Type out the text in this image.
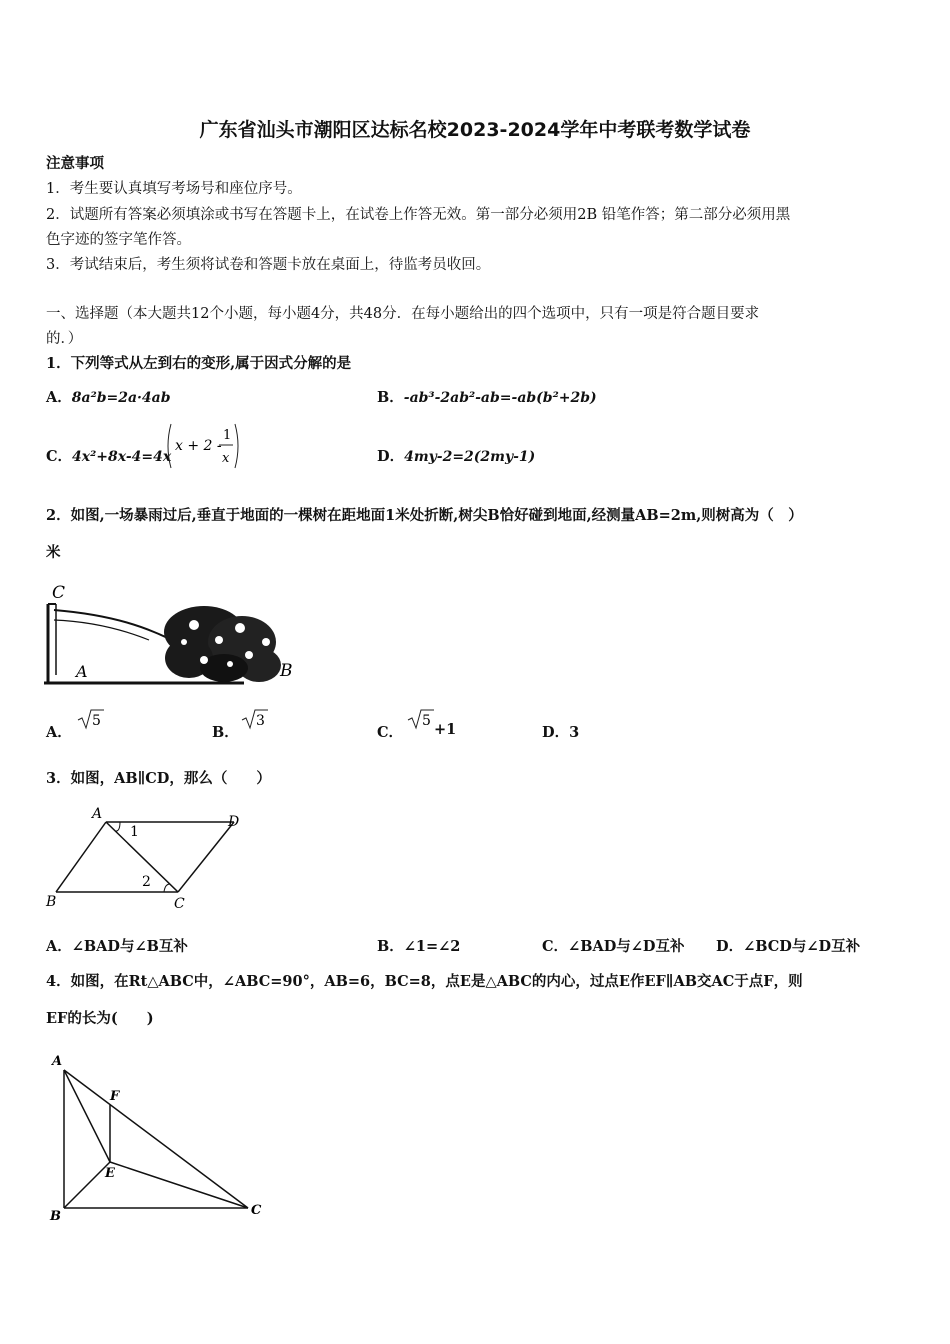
广东省汕头市潮阳区达标名校2023-2024学年中考联考数学试卷
注意事项
1．考生要认真填写考场号和座位序号。
2．试题所有答案必须填涂或书写在答题卡上，在试卷上作答无效。第一部分必须用2B 铅笔作答；第二部分必须用黑
色字迹的签字笔作答。
3．考试结束后，考生须将试卷和答题卡放在桌面上，待监考员收回。
一、选择题（本大题共12个小题，每小题4分，共48分．在每小题给出的四个选项中，只有一项是符合题目要求
的．）
1．下列等式从左到右的变形,属于因式分解的是
A．8a²b=2a·4ab	B．-ab³-2ab²-ab=-ab(b²+2b)
C．4x²+8x-4=4x
x + 2 -
1
x	D．4my-2=2(2my-1)
2．如图,一场暴雨过后,垂直于地面的一棵树在距地面1米处折断,树尖B恰好碰到地面,经测量AB=2m,则树高为（　）
米
C
A	B
A．
5
B．
3
C．
5 +1	D．3
3．如图，AB∥CD，那么（　　）
A	D
B	C
1
2
A．∠BAD与∠B互补	B．∠1=∠2	C．∠BAD与∠D互补 D．∠BCD与∠D互补
4．如图，在Rt△ABC中，∠ABC=90°，AB=6，BC=8，点E是△ABC的内心，过点E作EF∥AB交AC于点F，则
EF的长为(　　)
A
B	C
E
F
